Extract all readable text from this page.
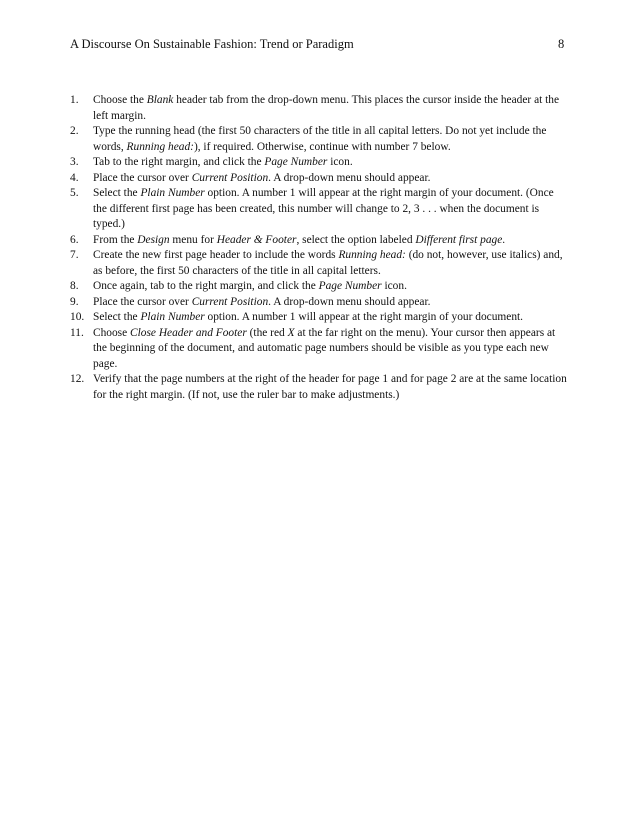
A Discourse On Sustainable Fashion: Trend or Paradigm	8
1. Choose the Blank header tab from the drop-down menu. This places the cursor inside the header at the left margin.
2. Type the running head (the first 50 characters of the title in all capital letters. Do not yet include the words, Running head:), if required. Otherwise, continue with number 7 below.
3. Tab to the right margin, and click the Page Number icon.
4. Place the cursor over Current Position. A drop-down menu should appear.
5. Select the Plain Number option. A number 1 will appear at the right margin of your document. (Once the different first page has been created, this number will change to 2, 3 . . . when the document is typed.)
6. From the Design menu for Header & Footer, select the option labeled Different first page.
7. Create the new first page header to include the words Running head: (do not, however, use italics) and, as before, the first 50 characters of the title in all capital letters.
8. Once again, tab to the right margin, and click the Page Number icon.
9. Place the cursor over Current Position. A drop-down menu should appear.
10. Select the Plain Number option. A number 1 will appear at the right margin of your document.
11. Choose Close Header and Footer (the red X at the far right on the menu). Your cursor then appears at the beginning of the document, and automatic page numbers should be visible as you type each new page.
12. Verify that the page numbers at the right of the header for page 1 and for page 2 are at the same location for the right margin. (If not, use the ruler bar to make adjustments.)
